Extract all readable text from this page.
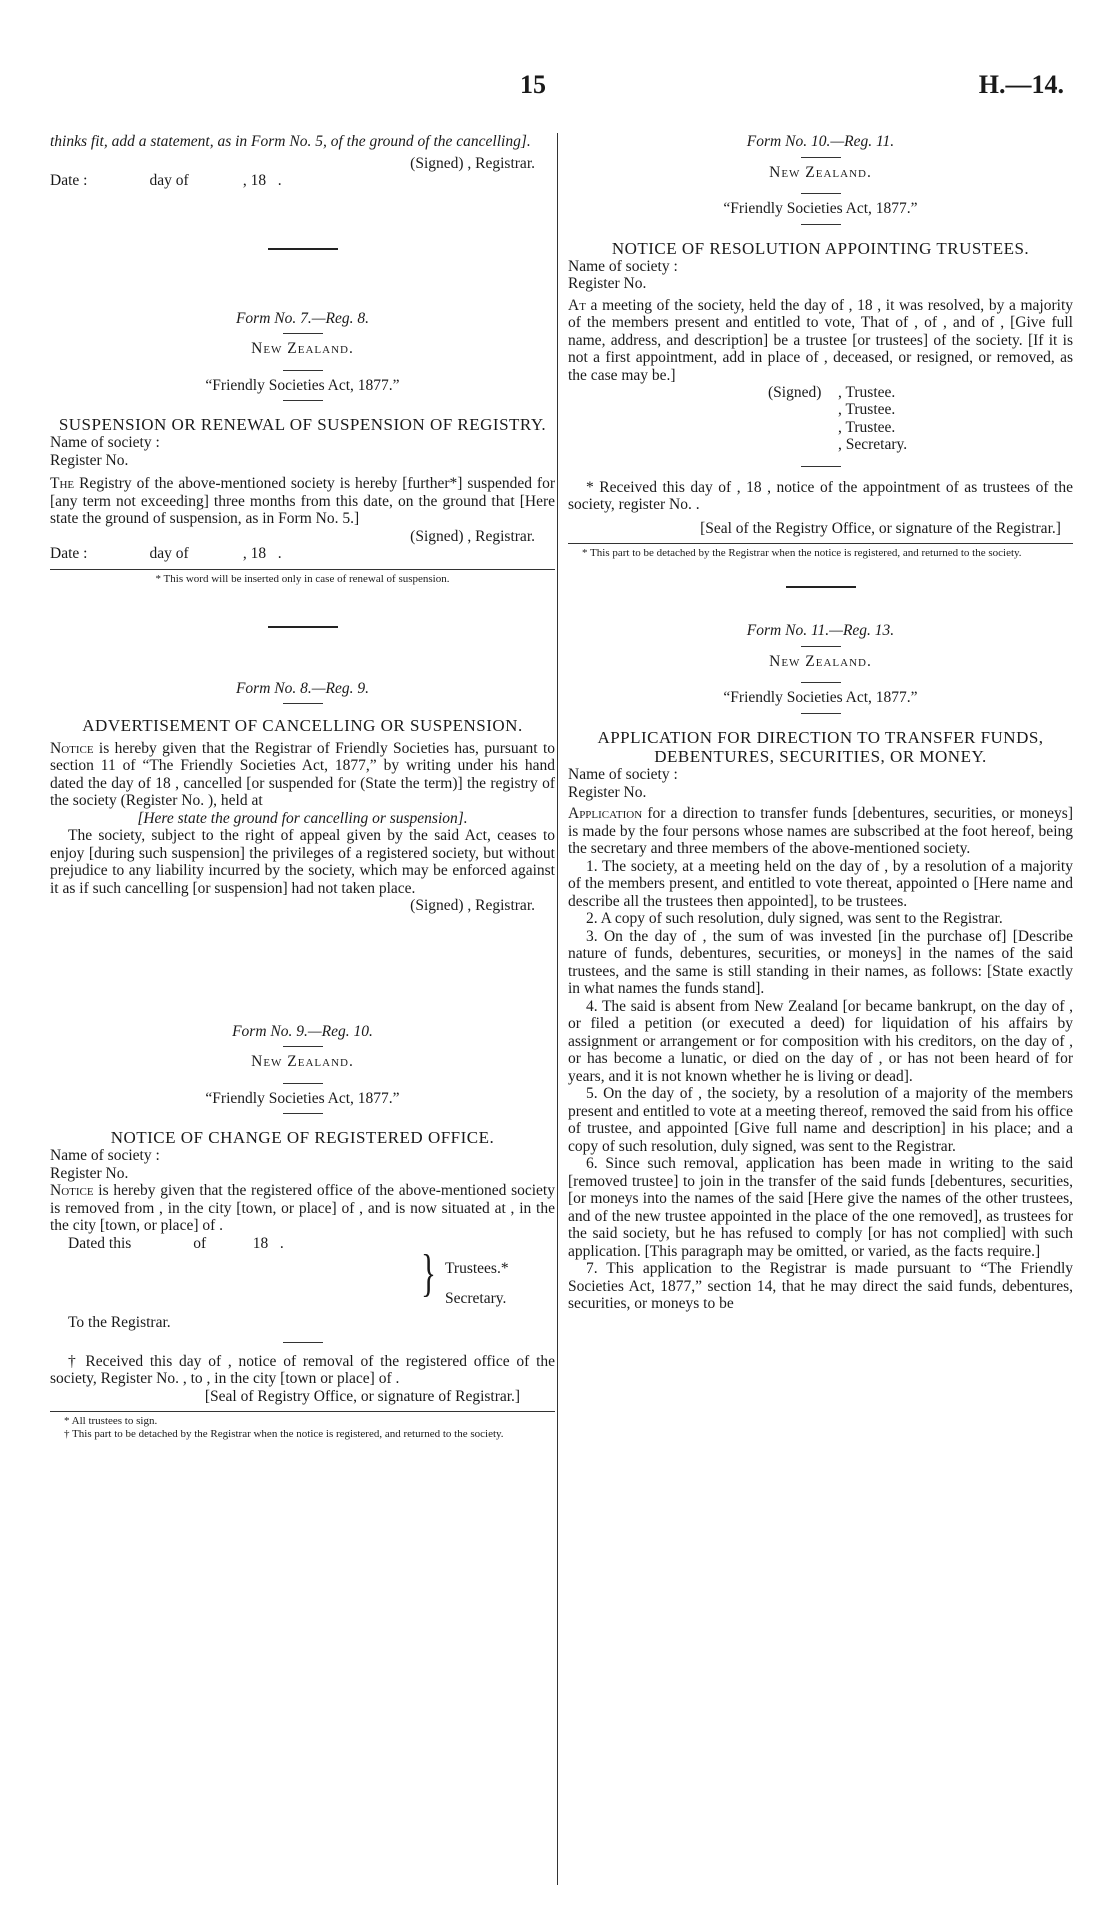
15	H.—14.

thinks fit, add a statement, as in Form No. 5, of the ground of the cancelling].

(Signed) , Registrar.

Date :                day of              , 18   .

Form No. 7.—Reg. 8.

New Zealand.

“Friendly Societies Act, 1877.”

SUSPENSION OR RENEWAL OF SUSPENSION OF REGISTRY.

Name of society :

Register No.

The Registry of the above-mentioned society is hereby [further*] suspended for [any term not exceeding] three months from this date, on the ground that [Here state the ground of suspension, as in Form No. 5.]

(Signed) , Registrar.

Date :                day of              , 18   .

* This word will be inserted only in case of renewal of suspension.

Form No. 8.—Reg. 9.

ADVERTISEMENT OF CANCELLING OR SUSPENSION.

Notice is hereby given that the Registrar of Friendly Societies has, pursuant to section 11 of “The Friendly Societies Act, 1877,” by writing under his hand dated the day of 18 , cancelled [or suspended for (State the term)] the registry of the society (Register No. ), held at

[Here state the ground for cancelling or suspension].

The society, subject to the right of appeal given by the said Act, ceases to enjoy [during such suspension] the privileges of a registered society, but without prejudice to any liability incurred by the society, which may be enforced against it as if such cancelling [or suspension] had not taken place.

(Signed) , Registrar.

Form No. 9.—Reg. 10.

New Zealand.

“Friendly Societies Act, 1877.”

NOTICE OF CHANGE OF REGISTERED OFFICE.

Name of society :

Register No.

Notice is hereby given that the registered office of the above-mentioned society is removed from , in the city [town, or place] of , and is now situated at , in the the city [town, or place] of .

Dated this                of            18   .

} Trustees.*
Secretary.

To the Registrar.

† Received this day of , notice of removal of the registered office of the society, Register No. , to , in the city [town or place] of .

[Seal of Registry Office, or signature of Registrar.]

* All trustees to sign.

† This part to be detached by the Registrar when the notice is registered, and returned to the society.

Form No. 10.—Reg. 11.

New Zealand.

“Friendly Societies Act, 1877.”

NOTICE OF RESOLUTION APPOINTING TRUSTEES.

Name of society :

Register No.

At a meeting of the society, held the day of , 18 , it was resolved, by a majority of the members present and entitled to vote, That of , of , and of , [Give full name, address, and description] be a trustee [or trustees] of the society. [If it is not a first appointment, add in place of , deceased, or resigned, or removed, as the case may be.]

(Signed)	, Trustee.
, Trustee.
, Trustee.
, Secretary.

* Received this day of , 18 , notice of the appointment of as trustees of the society, register No. .

[Seal of the Registry Office, or signature of the Registrar.]

* This part to be detached by the Registrar when the notice is registered, and returned to the society.

Form No. 11.—Reg. 13.

New Zealand.

“Friendly Societies Act, 1877.”

APPLICATION FOR DIRECTION TO TRANSFER FUNDS, DEBENTURES, SECURITIES, OR MONEY.

Name of society :

Register No.

Application for a direction to transfer funds [debentures, securities, or moneys] is made by the four persons whose names are subscribed at the foot hereof, being the secretary and three members of the above-mentioned society.

1. The society, at a meeting held on the day of , by a resolution of a majority of the members present, and entitled to vote thereat, appointed o [Here name and describe all the trustees then appointed], to be trustees.

2. A copy of such resolution, duly signed, was sent to the Registrar.

3. On the day of , the sum of was invested [in the purchase of] [Describe nature of funds, debentures, securities, or moneys] in the names of the said trustees, and the same is still standing in their names, as follows: [State exactly in what names the funds stand].

4. The said is absent from New Zealand [or became bankrupt, on the day of , or filed a petition (or executed a deed) for liquidation of his affairs by assignment or arrangement or for composition with his creditors, on the day of , or has become a lunatic, or died on the day of , or has not been heard of for years, and it is not known whether he is living or dead].

5. On the day of , the society, by a resolution of a majority of the members present and entitled to vote at a meeting thereof, removed the said from his office of trustee, and appointed [Give full name and description] in his place; and a copy of such resolution, duly signed, was sent to the Registrar.

6. Since such removal, application has been made in writing to the said [removed trustee] to join in the transfer of the said funds [debentures, securities, [or moneys into the names of the said [Here give the names of the other trustees, and of the new trustee appointed in the place of the one removed], as trustees for the said society, but he has refused to comply [or has not complied] with such application. [This paragraph may be omitted, or varied, as the facts require.]

7. This application to the Registrar is made pursuant to “The Friendly Societies Act, 1877,” section 14, that he may direct the said funds, debentures, securities, or moneys to be
